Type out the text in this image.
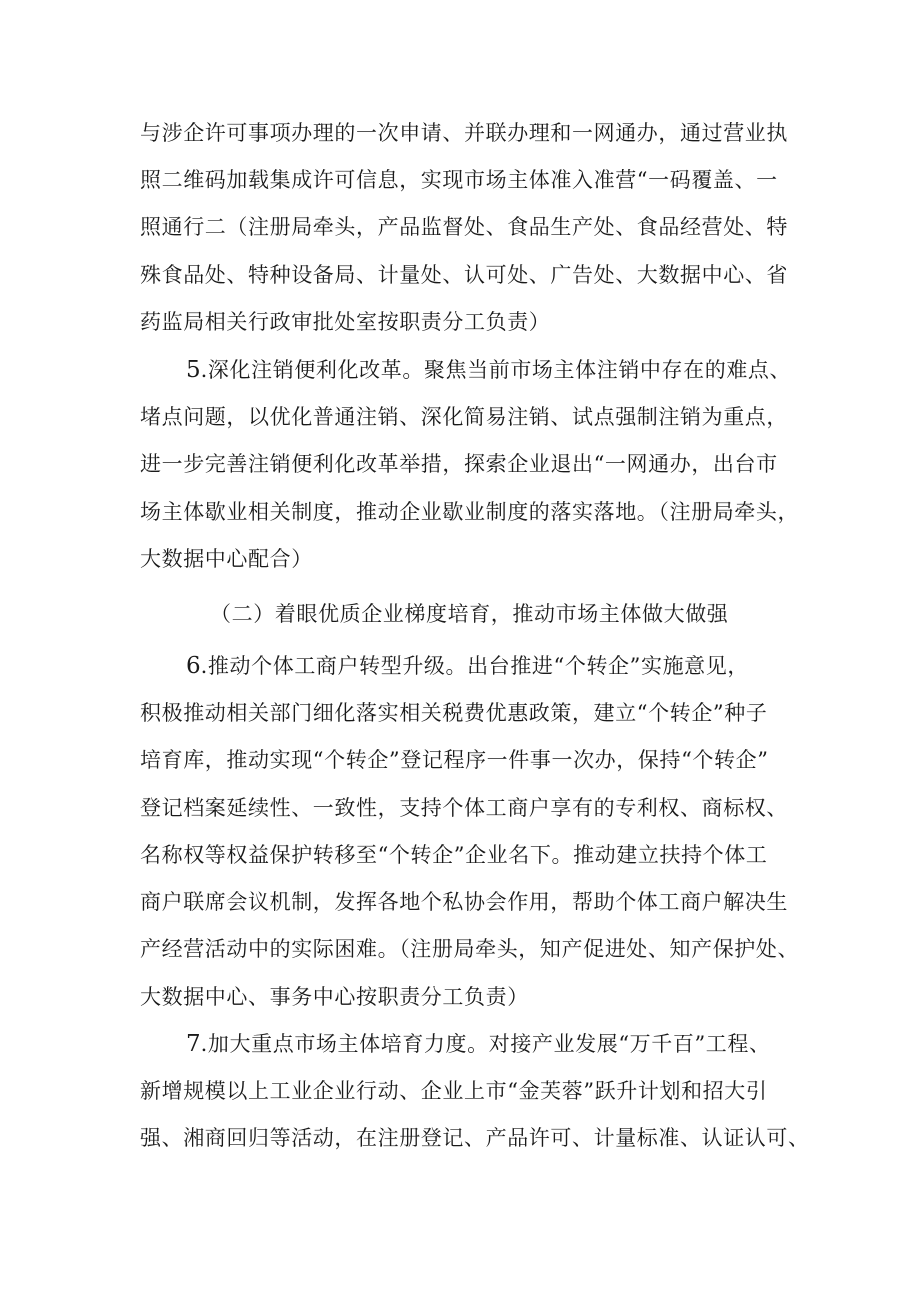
与涉企许可事项办理的一次申请、并联办理和一网通办，通过营业执
照二维码加载集成许可信息，实现市场主体准入准营“一码覆盖、一
照通行二（注册局牵头，产品监督处、食品生产处、食品经营处、特
殊食品处、特种设备局、计量处、认可处、广告处、大数据中心、省
药监局相关行政审批处室按职责分工负责）
5.深化注销便利化改革。聚焦当前市场主体注销中存在的难点、
堵点问题，以优化普通注销、深化简易注销、试点强制注销为重点，
进一步完善注销便利化改革举措，探索企业退出“一网通办，出台市
场主体歇业相关制度，推动企业歇业制度的落实落地。（注册局牵头，
大数据中心配合）
（二）着眼优质企业梯度培育，推动市场主体做大做强
6.推动个体工商户转型升级。出台推进“个转企”实施意见，
积极推动相关部门细化落实相关税费优惠政策，建立“个转企”种子
培育库，推动实现“个转企”登记程序一件事一次办，保持“个转企”
登记档案延续性、一致性，支持个体工商户享有的专利权、商标权、
名称权等权益保护转移至“个转企”企业名下。推动建立扶持个体工
商户联席会议机制，发挥各地个私协会作用，帮助个体工商户解决生
产经营活动中的实际困难。（注册局牵头，知产促进处、知产保护处、
大数据中心、事务中心按职责分工负责）
7.加大重点市场主体培育力度。对接产业发展“万千百”工程、
新增规模以上工业企业行动、企业上市“金芙蓉”跃升计划和招大引
强、湘商回归等活动，在注册登记、产品许可、计量标准、认证认可、
